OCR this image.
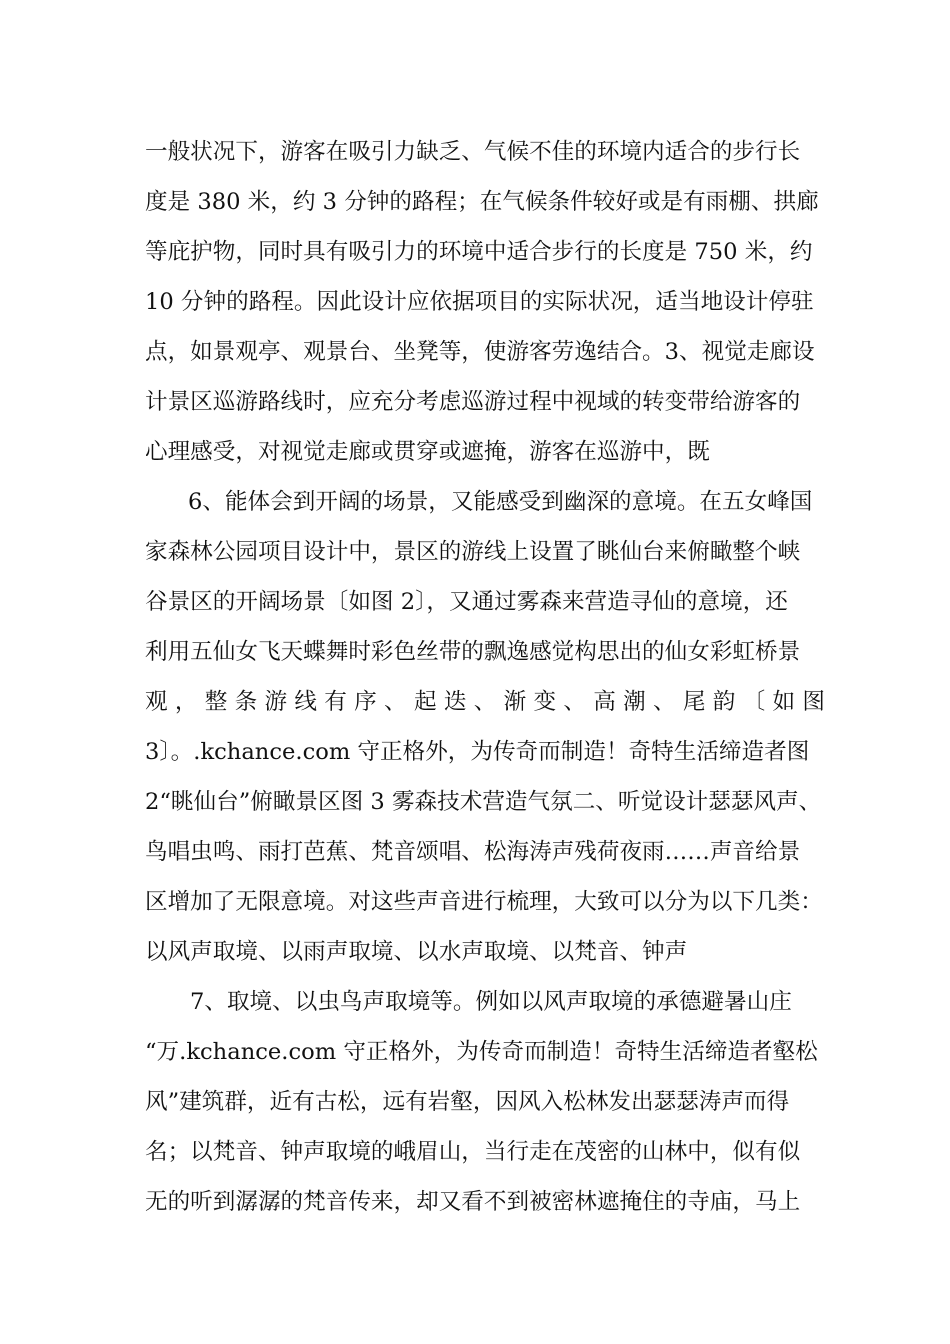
一般状况下，游客在吸引力缺乏、气候不佳的环境内适合的步行长
度是 380 米，约 3 分钟的路程；在气候条件较好或是有雨棚、拱廊
等庇护物，同时具有吸引力的环境中适合步行的长度是 750 米，约
10 分钟的路程。因此设计应依据项目的实际状况，适当地设计停驻
点，如景观亭、观景台、坐凳等，使游客劳逸结合。3、视觉走廊设
计景区巡游路线时，应充分考虑巡游过程中视域的转变带给游客的
心理感受，对视觉走廊或贯穿或遮掩，游客在巡游中，既
6、能体会到开阔的场景，又能感受到幽深的意境。在五女峰国
家森林公园项目设计中，景区的游线上设置了眺仙台来俯瞰整个峡
谷景区的开阔场景〔如图 2〕，又通过雾森来营造寻仙的意境，还
利用五仙女飞天蝶舞时彩色丝带的飘逸感觉构思出的仙女彩虹桥景
观，整条游线有序、起迭、渐变、高潮、尾韵〔如图
3〕。.kchance.com 守正格外，为传奇而制造！奇特生活缔造者图
2“眺仙台”俯瞰景区图 3 雾森技术营造气氛二、听觉设计瑟瑟风声、
鸟唱虫鸣、雨打芭蕉、梵音颂唱、松海涛声残荷夜雨……声音给景
区增加了无限意境。对这些声音进行梳理，大致可以分为以下几类：
以风声取境、以雨声取境、以水声取境、以梵音、钟声
7、取境、以虫鸟声取境等。例如以风声取境的承德避暑山庄
“万.kchance.com 守正格外，为传奇而制造！奇特生活缔造者壑松
风”建筑群，近有古松，远有岩壑，因风入松林发出瑟瑟涛声而得
名；以梵音、钟声取境的峨眉山，当行走在茂密的山林中，似有似
无的听到潺潺的梵音传来，却又看不到被密林遮掩住的寺庙，马上
